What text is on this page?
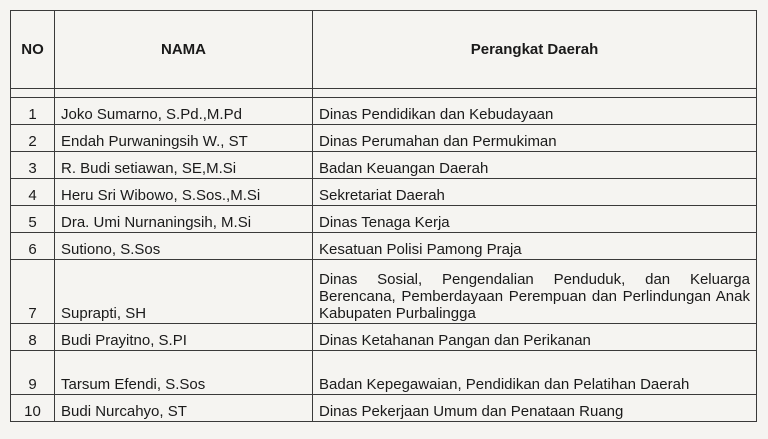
NO	NAMA	Perangkat Daerah

1	Joko Sumarno, S.Pd.,M.Pd	Dinas Pendidikan dan Kebudayaan
2	Endah Purwaningsih W., ST	Dinas Perumahan dan Permukiman
3	R. Budi setiawan, SE,M.Si	Badan Keuangan Daerah
4	Heru Sri Wibowo, S.Sos.,M.Si	Sekretariat Daerah
5	Dra. Umi Nurnaningsih, M.Si	Dinas Tenaga Kerja
6	Sutiono, S.Sos	Kesatuan Polisi Pamong Praja
7	Suprapti, SH	Dinas Sosial, Pengendalian Penduduk, dan Keluarga Berencana, Pemberdayaan Perempuan dan Perlindungan Anak Kabupaten Purbalingga
8	Budi Prayitno, S.PI	Dinas Ketahanan Pangan dan Perikanan
9	Tarsum Efendi, S.Sos	Badan Kepegawaian, Pendidikan dan Pelatihan Daerah
10	Budi Nurcahyo, ST	Dinas Pekerjaan Umum dan Penataan Ruang
